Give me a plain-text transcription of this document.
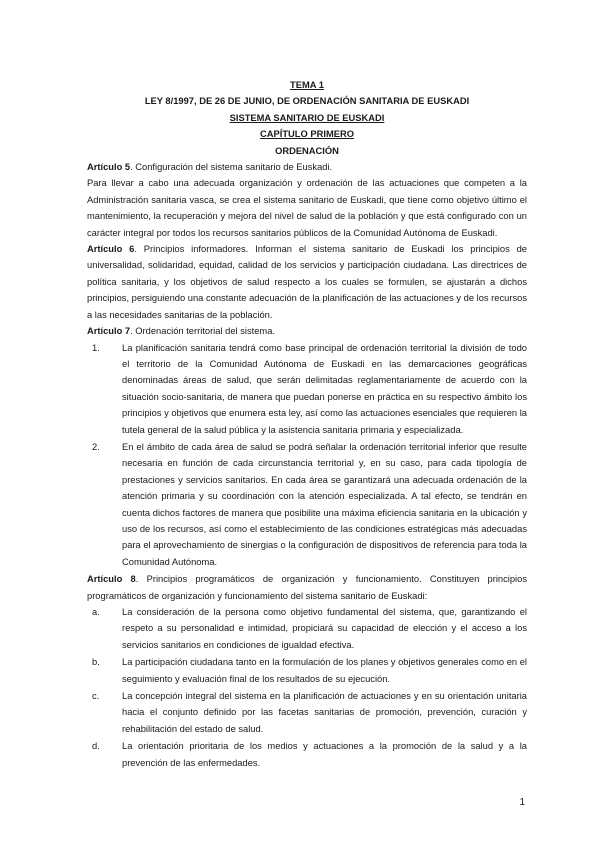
TEMA 1

LEY 8/1997, DE 26 DE JUNIO, DE ORDENACIÓN SANITARIA DE EUSKADI

SISTEMA SANITARIO DE EUSKADI

CAPÍTULO PRIMERO

ORDENACIÓN

Artículo 5. Configuración del sistema sanitario de Euskadi.

Para llevar a cabo una adecuada organización y ordenación de las actuaciones que competen a la Administración sanitaria vasca, se crea el sistema sanitario de Euskadi, que tiene como objetivo último el mantenimiento, la recuperación y mejora del nivel de salud de la población y que está configurado con un carácter integral por todos los recursos sanitarios públicos de la Comunidad Autónoma de Euskadi.

Artículo 6. Principios informadores. Informan el sistema sanitario de Euskadi los principios de universalidad, solidaridad, equidad, calidad de los servicios y participación ciudadana. Las directrices de política sanitaria, y los objetivos de salud respecto a los cuales se formulen, se ajustarán a dichos principios, persiguiendo una constante adecuación de la planificación de las actuaciones y de los recursos a las necesidades sanitarias de la población.

Artículo 7. Ordenación territorial del sistema.

1. La planificación sanitaria tendrá como base principal de ordenación territorial la división de todo el territorio de la Comunidad Autónoma de Euskadi en las demarcaciones geográficas denominadas áreas de salud, que serán delimitadas reglamentariamente de acuerdo con la situación socio-sanitaria, de manera que puedan ponerse en práctica en su respectivo ámbito los principios y objetivos que enumera esta ley, así como las actuaciones esenciales que requieren la tutela general de la salud pública y la asistencia sanitaria primaria y especializada.
2. En el ámbito de cada área de salud se podrá señalar la ordenación territorial inferior que resulte necesaria en función de cada circunstancia territorial y, en su caso, para cada tipología de prestaciones y servicios sanitarios. En cada área se garantizará una adecuada ordenación de la atención primaria y su coordinación con la atención especializada. A tal efecto, se tendrán en cuenta dichos factores de manera que posibilite una máxima eficiencia sanitaria en la ubicación y uso de los recursos, así como el establecimiento de las condiciones estratégicas más adecuadas para el aprovechamiento de sinergias o la configuración de dispositivos de referencia para toda la Comunidad Autónoma.

Artículo 8. Principios programáticos de organización y funcionamiento. Constituyen principios programáticos de organización y funcionamiento del sistema sanitario de Euskadi:

a. La consideración de la persona como objetivo fundamental del sistema, que, garantizando el respeto a su personalidad e intimidad, propiciará su capacidad de elección y el acceso a los servicios sanitarios en condiciones de igualdad efectiva.
b. La participación ciudadana tanto en la formulación de los planes y objetivos generales como en el seguimiento y evaluación final de los resultados de su ejecución.
c. La concepción integral del sistema en la planificación de actuaciones y en su orientación unitaria hacia el conjunto definido por las facetas sanitarias de promoción, prevención, curación y rehabilitación del estado de salud.
d. La orientación prioritaria de los medios y actuaciones a la promoción de la salud y a la prevención de las enfermedades.
1
